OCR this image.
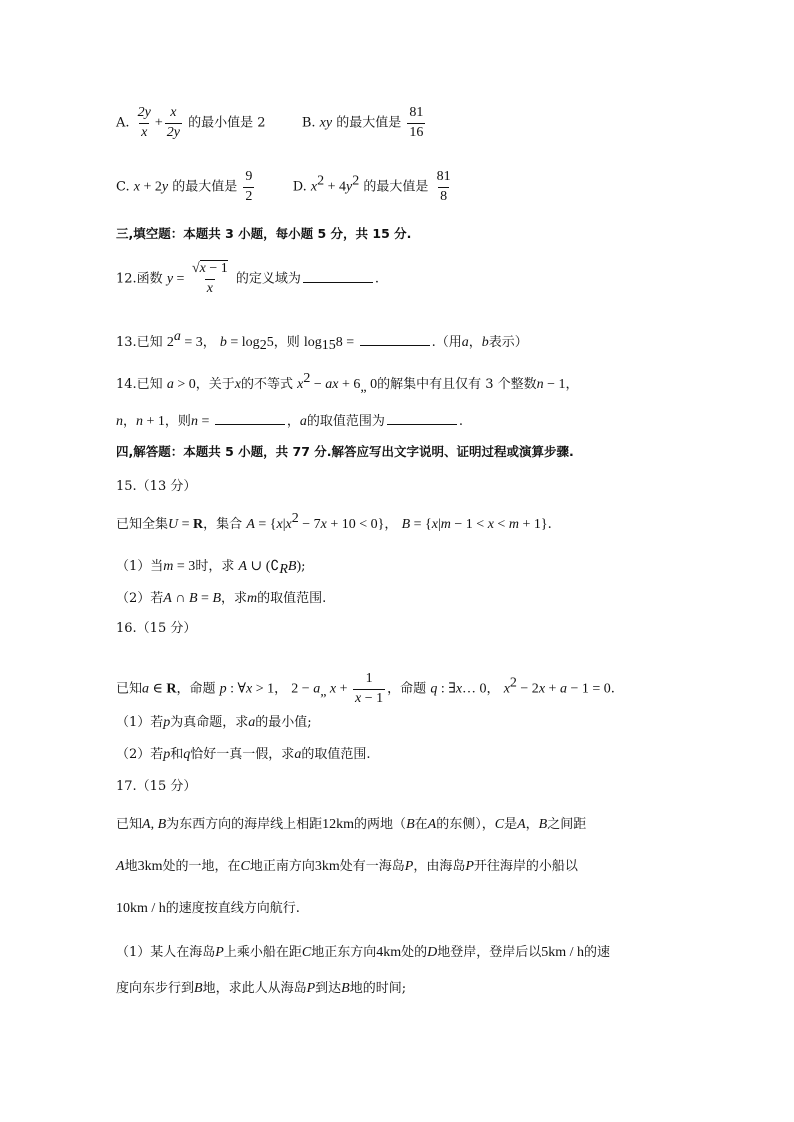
A. $\frac{2y}{x} + \frac{x}{2y}$ 的最小值是 2	B. xy 的最大值是 $\frac{81}{16}$
C. x + 2y 的最大值是 $\frac{9}{2}$	D. $x^2 + 4y^2$ 的最大值是 $\frac{81}{8}$
三,填空题：本题共 3 小题，每小题 5 分，共 15 分.
12.函数 $y = \frac{√x - 1}{x}$ 的定义域为	.
13.已知 $2^a = 3$， $b = \log_25$，则 $\log_{15}8$ =	.（用a，b表示）
14.已知 a > 0，关于x的不等式 $x^2$ − ax + $6_„$ 0的解集中有且仅有 3 个整数n − 1，
n，n + 1，则n =	，a的取值范围为	.
四,解答题：本题共 5 小题，共 77 分.解答应写出文字说明、证明过程或演算步骤.
15.（13 分）
已知全集U = R，集合 $A = \{x|x^2 - 7x + 10 < 0\}$， B = {x|m − 1 < x < m + 1}.
（1）当m = 3时，求 A ∪ $(∁_RB)$;
（2）若A ∩ B = B，求m的取值范围.
16.（15 分）
已知a ∈ R，命题 p : ∀x > 1， $2 - a_„$ $x + \frac{1}{x - 1}$ ，命题 q : ∃x… 0， $x^2 - 2x + a - 1 = 0$.
（1）若p为真命题，求a的最小值;
（2）若p和q恰好一真一假，求a的取值范围.
17.（15 分）
已知A, B为东西方向的海岸线上相距12km的两地（B在A的东侧），C是A，B之间距
A地3km处的一地，在C地正南方向3km处有一海岛P，由海岛P开往海岸的小船以
10km / h的速度按直线方向航行.
（1）某人在海岛P上乘小船在距C地正东方向4km处的D地登岸，登岸后以5km / h的速
度向东步行到B地，求此人从海岛P到达B地的时间;
